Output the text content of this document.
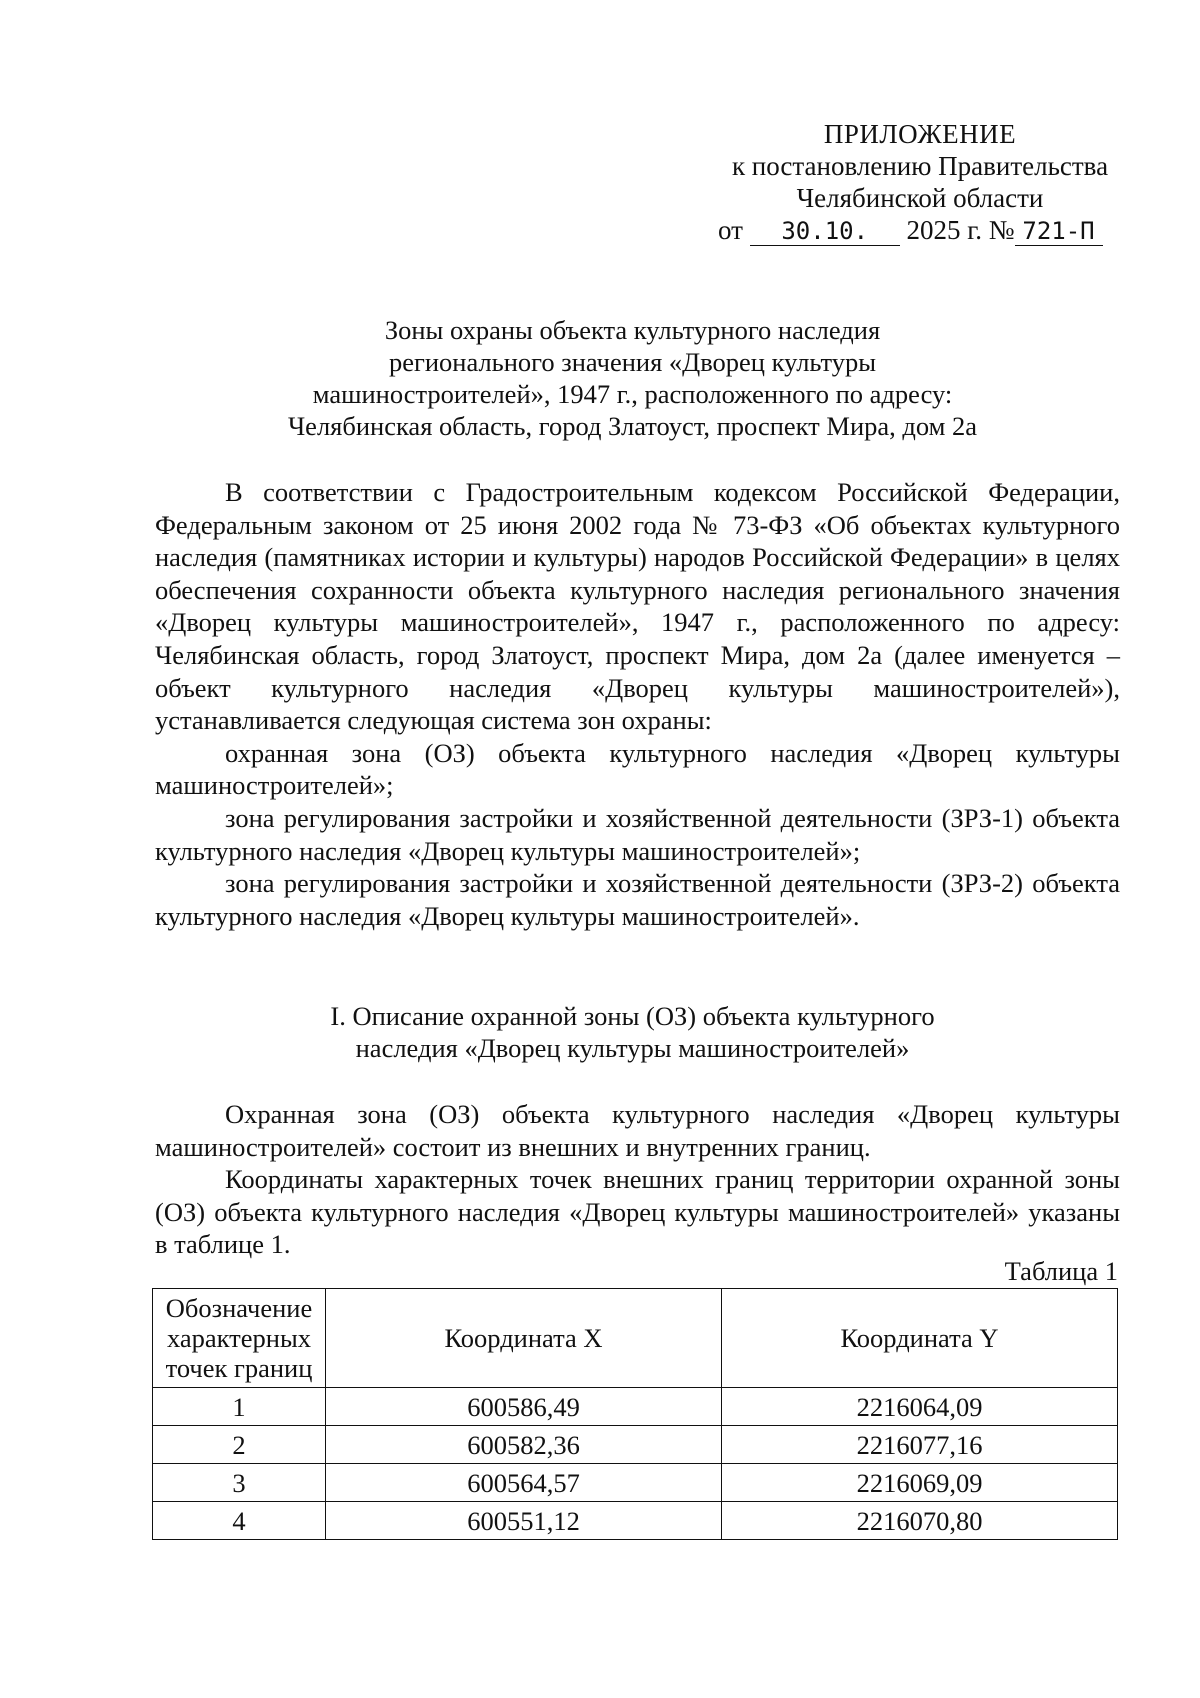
ПРИЛОЖЕНИЕ
к постановлению Правительства
Челябинской области
от 30.10. 2025 г. № 721-П
Зоны охраны объекта культурного наследия
регионального значения «Дворец культуры
машиностроителей», 1947 г., расположенного по адресу:
Челябинская область, город Златоуст, проспект Мира, дом 2а

В соответствии с Градостроительным кодексом Российской Федерации, Федеральным законом от 25 июня 2002 года № 73-ФЗ «Об объектах культурного наследия (памятниках истории и культуры) народов Российской Федерации» в целях обеспечения сохранности объекта культурного наследия регионального значения «Дворец культуры машиностроителей», 1947 г., расположенного по адресу: Челябинская область, город Златоуст, проспект Мира, дом 2а (далее именуется – объект культурного наследия «Дворец культуры машиностроителей»), устанавливается следующая система зон охраны:

охранная зона (ОЗ) объекта культурного наследия «Дворец культуры машиностроителей»;

зона регулирования застройки и хозяйственной деятельности (ЗРЗ-1) объекта культурного наследия «Дворец культуры машиностроителей»;

зона регулирования застройки и хозяйственной деятельности (ЗРЗ-2) объекта культурного наследия «Дворец культуры машиностроителей».

I. Описание охранной зоны (ОЗ) объекта культурного
наследия «Дворец культуры машиностроителей»

Охранная зона (ОЗ) объекта культурного наследия «Дворец культуры машиностроителей» состоит из внешних и внутренних границ.

Координаты характерных точек внешних границ территории охранной зоны (ОЗ) объекта культурного наследия «Дворец культуры машиностроителей» указаны в таблице 1.

Таблица 1
Обозначение характерных точек границ	Координата X	Координата Y
1	600586,49	2216064,09
2	600582,36	2216077,16
3	600564,57	2216069,09
4	600551,12	2216070,80
